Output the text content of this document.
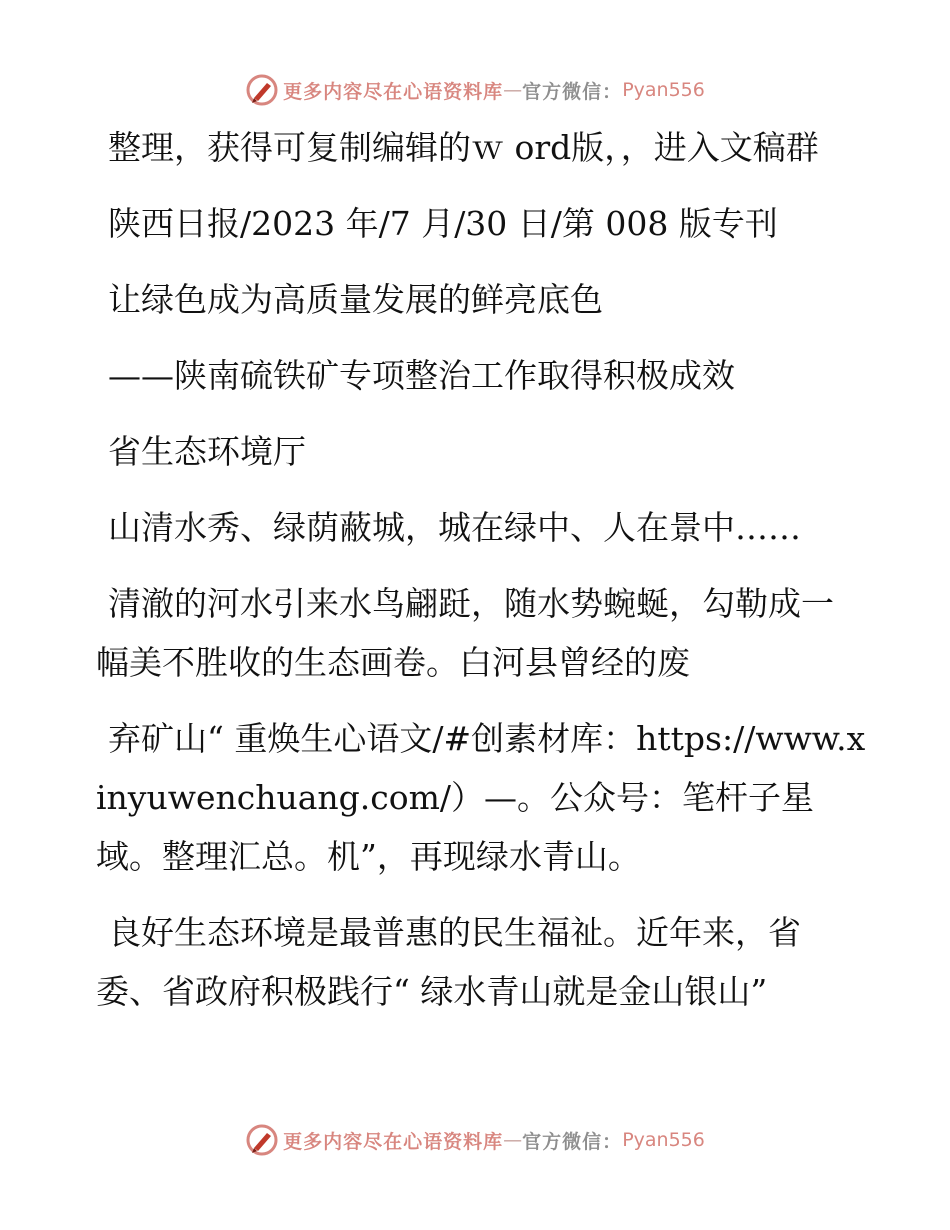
更多内容尽在心语资料库 — 官方微信： Pyan556

整理，获得可复制编辑的ｗ ord版，，进入文稿群

陕西日报/2023 年/7 月/30 日/第 008 版专刊

让绿色成为高质量发展的鲜亮底色

——陕南硫铁矿专项整治工作取得积极成效

省生态环境厅

山清水秀、绿荫蔽城，城在绿中、人在景中……

清澈的河水引来水鸟翩跹，随水势蜿蜒，勾勒成一幅美不胜收的生态画卷。白河县曾经的废

弃矿山“ 重焕生心语文/#创素材库：https://www.xinyuwenchuang.com/）—。公众号：笔杆子星域。整理汇总。机”，再现绿水青山。

良好生态环境是最普惠的民生福祉。近年来，省委、省政府积极践行“ 绿水青山就是金山银山”

更多内容尽在心语资料库 — 官方微信： Pyan556
